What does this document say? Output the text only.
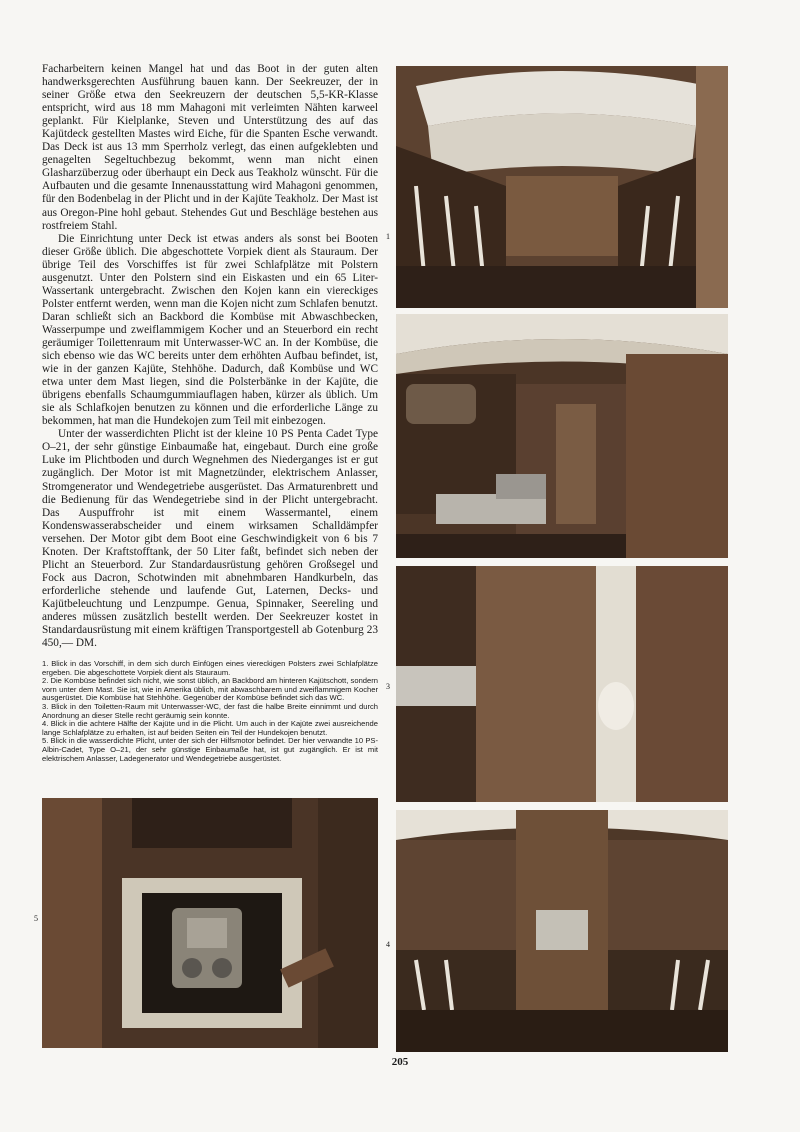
Facharbeitern keinen Mangel hat und das Boot in der guten alten handwerksgerechten Ausführung bauen kann. Der Seekreuzer, der in seiner Größe etwa den Seekreuzern der deutschen 5,5-KR-Klasse entspricht, wird aus 18 mm Mahagoni mit verleimten Nähten karweel geplankt. Für Kielplanke, Steven und Unterstützung des auf das Kajütdeck gestellten Mastes wird Eiche, für die Spanten Esche verwandt. Das Deck ist aus 13 mm Sperrholz verlegt, das einen aufgeklebten und genagelten Segeltuchbezug bekommt, wenn man nicht einen Glasharzüberzug oder überhaupt ein Deck aus Teakholz wünscht. Für die Aufbauten und die gesamte Innenausstattung wird Mahagoni genommen, für den Bodenbelag in der Plicht und in der Kajüte Teakholz. Der Mast ist aus Oregon-Pine hohl gebaut. Stehendes Gut und Beschläge bestehen aus rostfreiem Stahl.

Die Einrichtung unter Deck ist etwas anders als sonst bei Booten dieser Größe üblich. Die abgeschottete Vorpiek dient als Stauraum. Der übrige Teil des Vorschiffes ist für zwei Schlafplätze mit Polstern ausgenutzt. Unter den Polstern sind ein Eiskasten und ein 65 Liter-Wassertank untergebracht. Zwischen den Kojen kann ein viereckiges Polster entfernt werden, wenn man die Kojen nicht zum Schlafen benutzt. Daran schließt sich an Backbord die Kombüse mit Abwaschbecken, Wasserpumpe und zweiflammigem Kocher und an Steuerbord ein recht geräumiger Toilettenraum mit Unterwasser-WC an. In der Kombüse, die sich ebenso wie das WC bereits unter dem erhöhten Aufbau befindet, ist, wie in der ganzen Kajüte, Stehhöhe. Dadurch, daß Kombüse und WC etwa unter dem Mast liegen, sind die Polsterbänke in der Kajüte, die übrigens ebenfalls Schaumgummiauflagen haben, kürzer als üblich. Um sie als Schlafkojen benutzen zu können und die erforderliche Länge zu bekommen, hat man die Hundekojen zum Teil mit einbezogen.

Unter der wasserdichten Plicht ist der kleine 10 PS Penta Cadet Type O–21, der sehr günstige Einbaumaße hat, eingebaut. Durch eine große Luke im Plichtboden und durch Wegnehmen des Niederganges ist er gut zugänglich. Der Motor ist mit Magnetzünder, elektrischem Anlasser, Stromgenerator und Wendegetriebe ausgerüstet. Das Armaturenbrett und die Bedienung für das Wendegetriebe sind in der Plicht untergebracht. Das Auspuffrohr ist mit einem Wassermantel, einem Kondenswasserabscheider und einem wirksamen Schalldämpfer versehen. Der Motor gibt dem Boot eine Geschwindigkeit von 6 bis 7 Knoten. Der Kraftstofftank, der 50 Liter faßt, befindet sich neben der Plicht an Steuerbord. Zur Standardausrüstung gehören Großsegel und Fock aus Dacron, Schotwinden mit abnehmbaren Handkurbeln, das erforderliche stehende und laufende Gut, Laternen, Decks- und Kajütbeleuchtung und Lenzpumpe. Genua, Spinnaker, Seereling und anderes müssen zusätzlich bestellt werden. Der Seekreuzer kostet in Standardausrüstung mit einem kräftigen Transportgestell ab Gotenburg 23 450,— DM.

1. Blick in das Vorschiff, in dem sich durch Einfügen eines viereckigen Polsters zwei Schlafplätze ergeben. Die abgeschottete Vorpiek dient als Stauraum.

2. Die Kombüse befindet sich nicht, wie sonst üblich, an Backbord am hinteren Kajütschott, sondern vorn unter dem Mast. Sie ist, wie in Amerika üblich, mit abwaschbarem und zweiflammigem Kocher ausgerüstet. Die Kombüse hat Stehhöhe. Gegenüber der Kombüse befindet sich das WC.

3. Blick in den Toiletten-Raum mit Unterwasser-WC, der fast die halbe Breite einnimmt und durch Anordnung an dieser Stelle recht geräumig sein konnte.

4. Blick in die achtere Hälfte der Kajüte und in die Plicht. Um auch in der Kajüte zwei ausreichende lange Schlafplätze zu erhalten, ist auf beiden Seiten ein Teil der Hundekojen benutzt.

5. Blick in die wasserdichte Plicht, unter der sich der Hilfsmotor befindet. Der hier verwandte 10 PS-Albin-Cadet, Type O–21, der sehr günstige Einbaumaße hat, ist gut zugänglich. Er ist mit elektrischem Anlasser, Ladegenerator und Wendegetriebe ausgerüstet.

1
3
4
5
205
